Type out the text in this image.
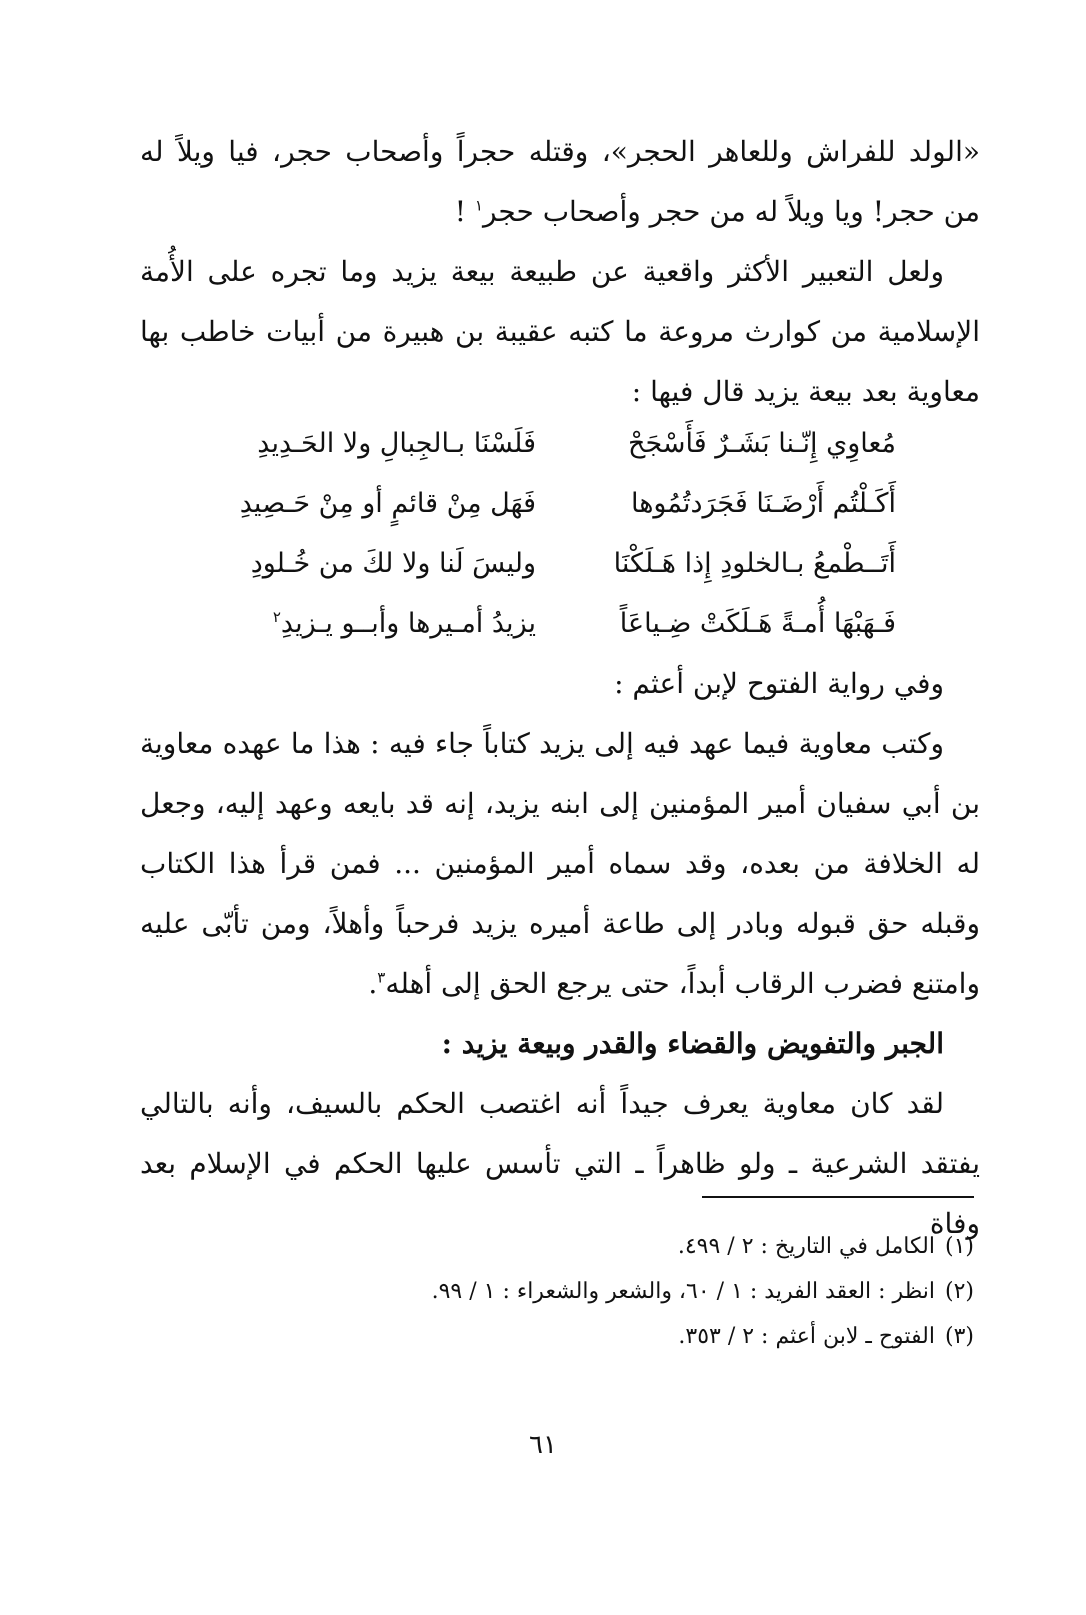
«الولد للفراش وللعاهر الحجر»، وقتله حجراً وأصحاب حجر، فيا ويلاً له من حجر! ويا ويلاً له من حجر وأصحاب حجر$^١$ !
ولعل التعبير الأكثر واقعية عن طبيعة بيعة يزيد وما تجره على الأُمة الإسلامية من كوارث مروعة ما كتبه عقيبة بن هبيرة من أبيات خاطب بها معاوية بعد بيعة يزيد قال فيها :
مُعاوِي إِنّـنا بَشَـرٌ فَأَسْجَحْ
فَلَسْنَا بـالجِبالِ ولا الحَـدِيدِ
أَكَـلْتُم أَرْضَـنَا فَجَرَدتُمُوها
فَهَل مِنْ قائمٍ أو مِنْ حَـصِيدِ
أَتَــطْمعُ بـالخلودِ إِذا هَـلَكْنَا
وليسَ لَنا ولا لكَ من خُـلودِ
فَـهَبْهَا أُمـةً هَـلَكَتْ ضِـياعَاً
يزيدُ أمـيرها وأبــو يـزيدِ$^٢$
وفي رواية الفتوح لإبن أعثم :
وكتب معاوية فيما عهد فيه إلى يزيد كتاباً جاء فيه : هذا ما عهده معاوية بن أبي سفيان أمير المؤمنين إلى ابنه يزيد، إنه قد بايعه وعهد إليه، وجعل له الخلافة من بعده، وقد سماه أمير المؤمنين ... فمن قرأ هذا الكتاب وقبله حق قبوله وبادر إلى طاعة أميره يزيد فرحباً وأهلاً، ومن تأبّى عليه وامتنع فضرب الرقاب أبداً، حتى يرجع الحق إلى أهله$^٣$.
الجبر والتفويض والقضاء والقدر وبيعة يزيد :
لقد كان معاوية يعرف جيداً أنه اغتصب الحكم بالسيف، وأنه بالتالي يفتقد الشرعية ـ ولو ظاهراً ـ التي تأسس عليها الحكم في الإسلام بعد وفاة
(١)الكامل في التاريخ : ٢ / ٤٩٩.
(٢)انظر : العقد الفريد : ١ / ٦٠، والشعر والشعراء : ١ / ٩٩.
(٣)الفتوح ـ لابن أعثم : ٢ / ٣٥٣.
٦١
